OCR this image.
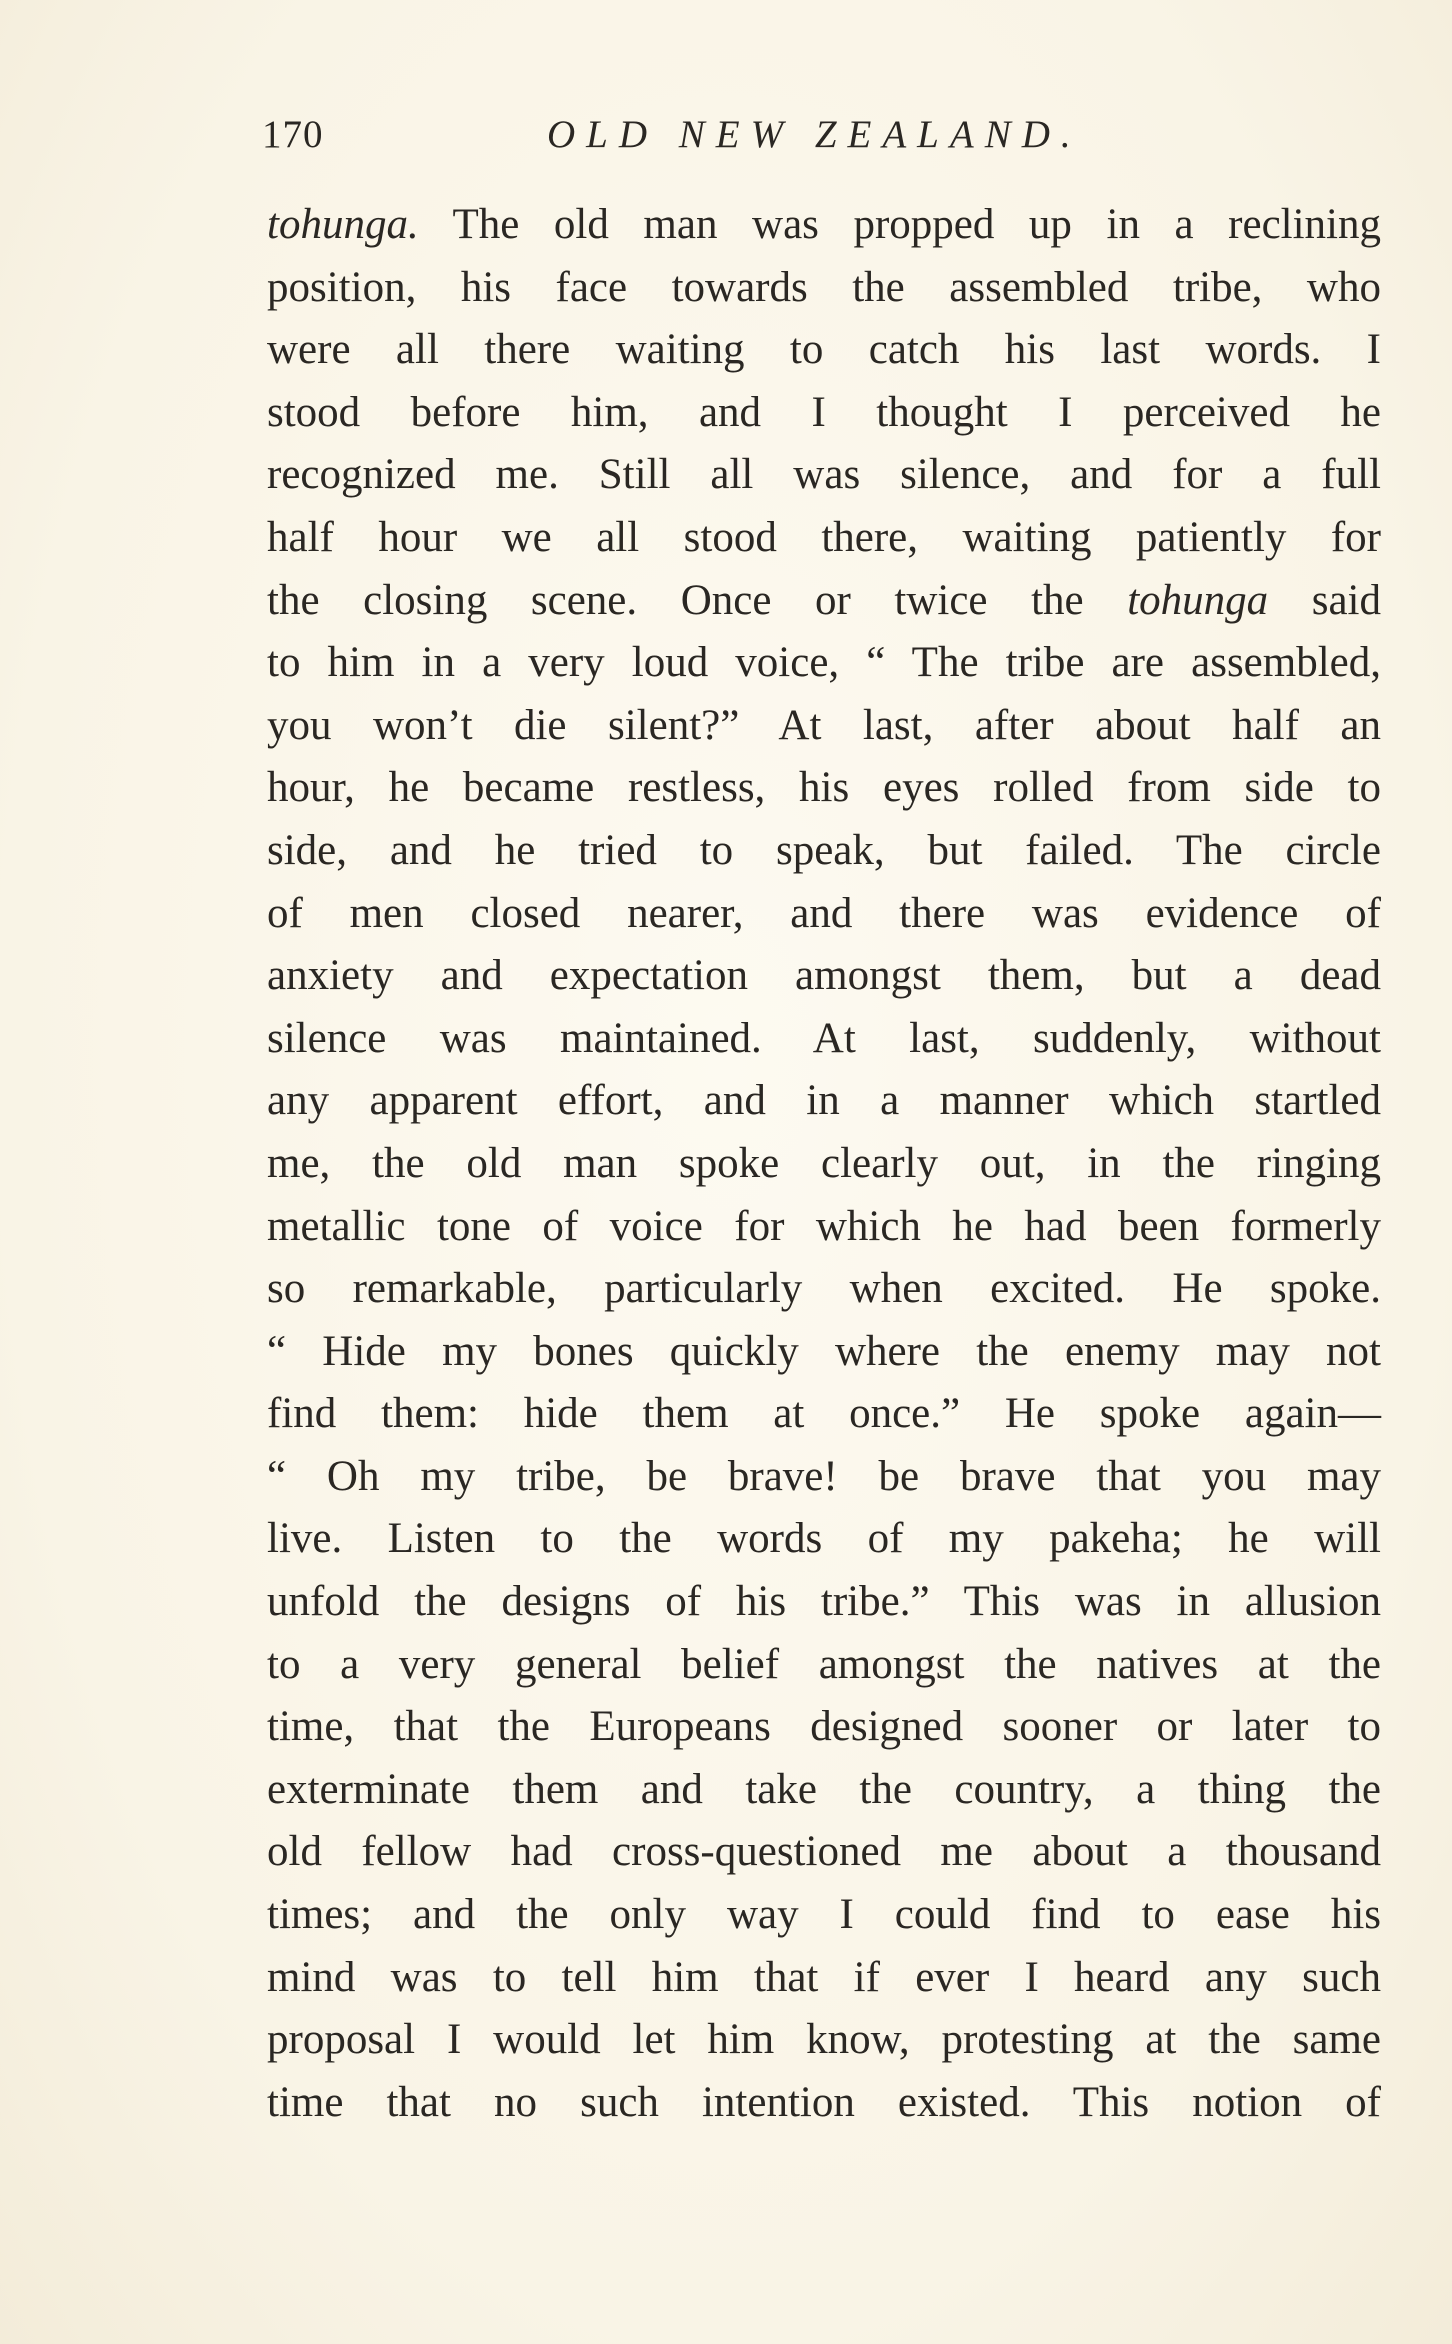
170	OLD NEW ZEALAND.
tohunga. The old man was propped up in a reclining
position, his face towards the assembled tribe, who
were all there waiting to catch his last words. I
stood before him, and I thought I perceived he
recognized me. Still all was silence, and for a full
half hour we all stood there, waiting patiently for
the closing scene. Once or twice the tohunga said
to him in a very loud voice, “ The tribe are assembled,
you won’t die silent?” At last, after about half an
hour, he became restless, his eyes rolled from side to
side, and he tried to speak, but failed. The circle
of men closed nearer, and there was evidence of
anxiety and expectation amongst them, but a dead
silence was maintained. At last, suddenly, without
any apparent effort, and in a manner which startled
me, the old man spoke clearly out, in the ringing
metallic tone of voice for which he had been formerly
so remarkable, particularly when excited. He spoke.
“ Hide my bones quickly where the enemy may not
find them: hide them at once.” He spoke again—
“ Oh my tribe, be brave! be brave that you may
live. Listen to the words of my pakeha; he will
unfold the designs of his tribe.” This was in allusion
to a very general belief amongst the natives at the
time, that the Europeans designed sooner or later to
exterminate them and take the country, a thing the
old fellow had cross-questioned me about a thousand
times; and the only way I could find to ease his
mind was to tell him that if ever I heard any such
proposal I would let him know, protesting at the same
time that no such intention existed. This notion of
